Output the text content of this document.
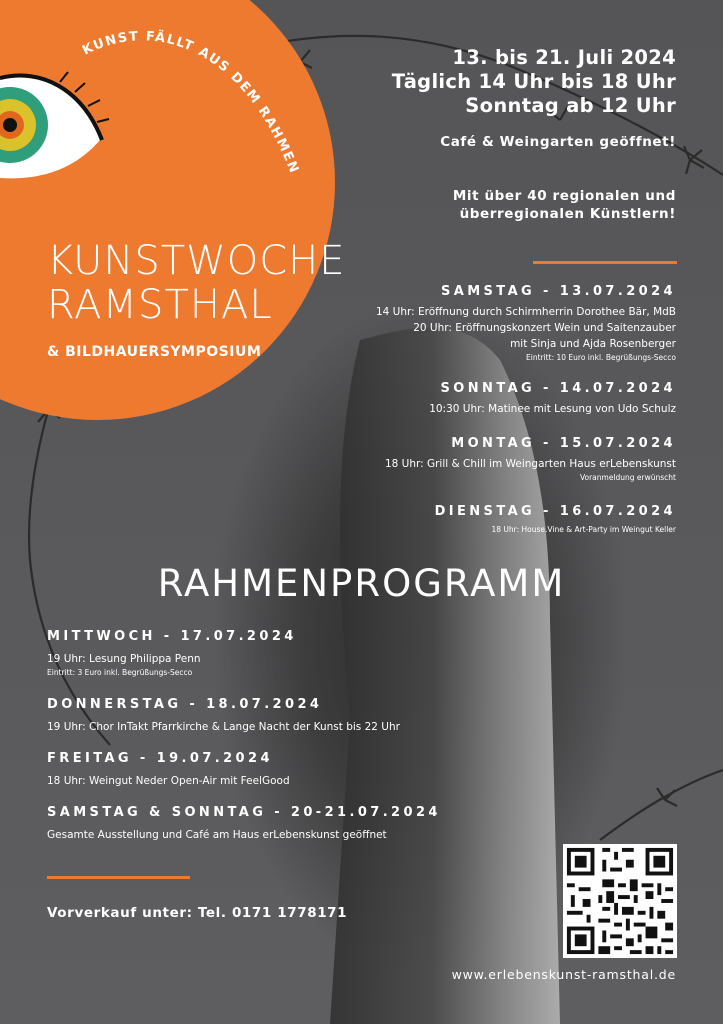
KUNST FÄLLT AUS DEM RAHMEN
KUNSTWOCHE
RAMSTHAL
& BILDHAUERSYMPOSIUM
13. bis 21. Juli 2024
Täglich 14 Uhr bis 18 Uhr
Sonntag ab 12 Uhr
Café & Weingarten geöffnet!
Mit über 40 regionalen und
überregionalen Künstlern!
SAMSTAG - 13.07.2024
14 Uhr: Eröffnung durch Schirmherrin Dorothee Bär, MdB
20 Uhr: Eröffnungskonzert Wein und Saitenzauber
mit Sinja und Ajda Rosenberger
Eintritt: 10 Euro inkl. Begrüßungs-Secco
SONNTAG - 14.07.2024
10:30 Uhr: Matinee mit Lesung von Udo Schulz
MONTAG - 15.07.2024
18 Uhr: Grill & Chill im Weingarten Haus erLebenskunst
Voranmeldung erwünscht
DIENSTAG - 16.07.2024
18 Uhr: House.Vine & Art-Party im Weingut Keller
RAHMENPROGRAMM
MITTWOCH - 17.07.2024
19 Uhr: Lesung Philippa Penn
Eintritt: 3 Euro inkl. Begrüßungs-Secco
DONNERSTAG - 18.07.2024
19 Uhr: Chor InTakt Pfarrkirche & Lange Nacht der Kunst bis 22 Uhr
FREITAG - 19.07.2024
18 Uhr: Weingut Neder Open-Air mit FeelGood
SAMSTAG & SONNTAG - 20-21.07.2024
Gesamte Ausstellung und Café am Haus erLebenskunst geöffnet
Vorverkauf unter: Tel. 0171 1778171
www.erlebenskunst-ramsthal.de
